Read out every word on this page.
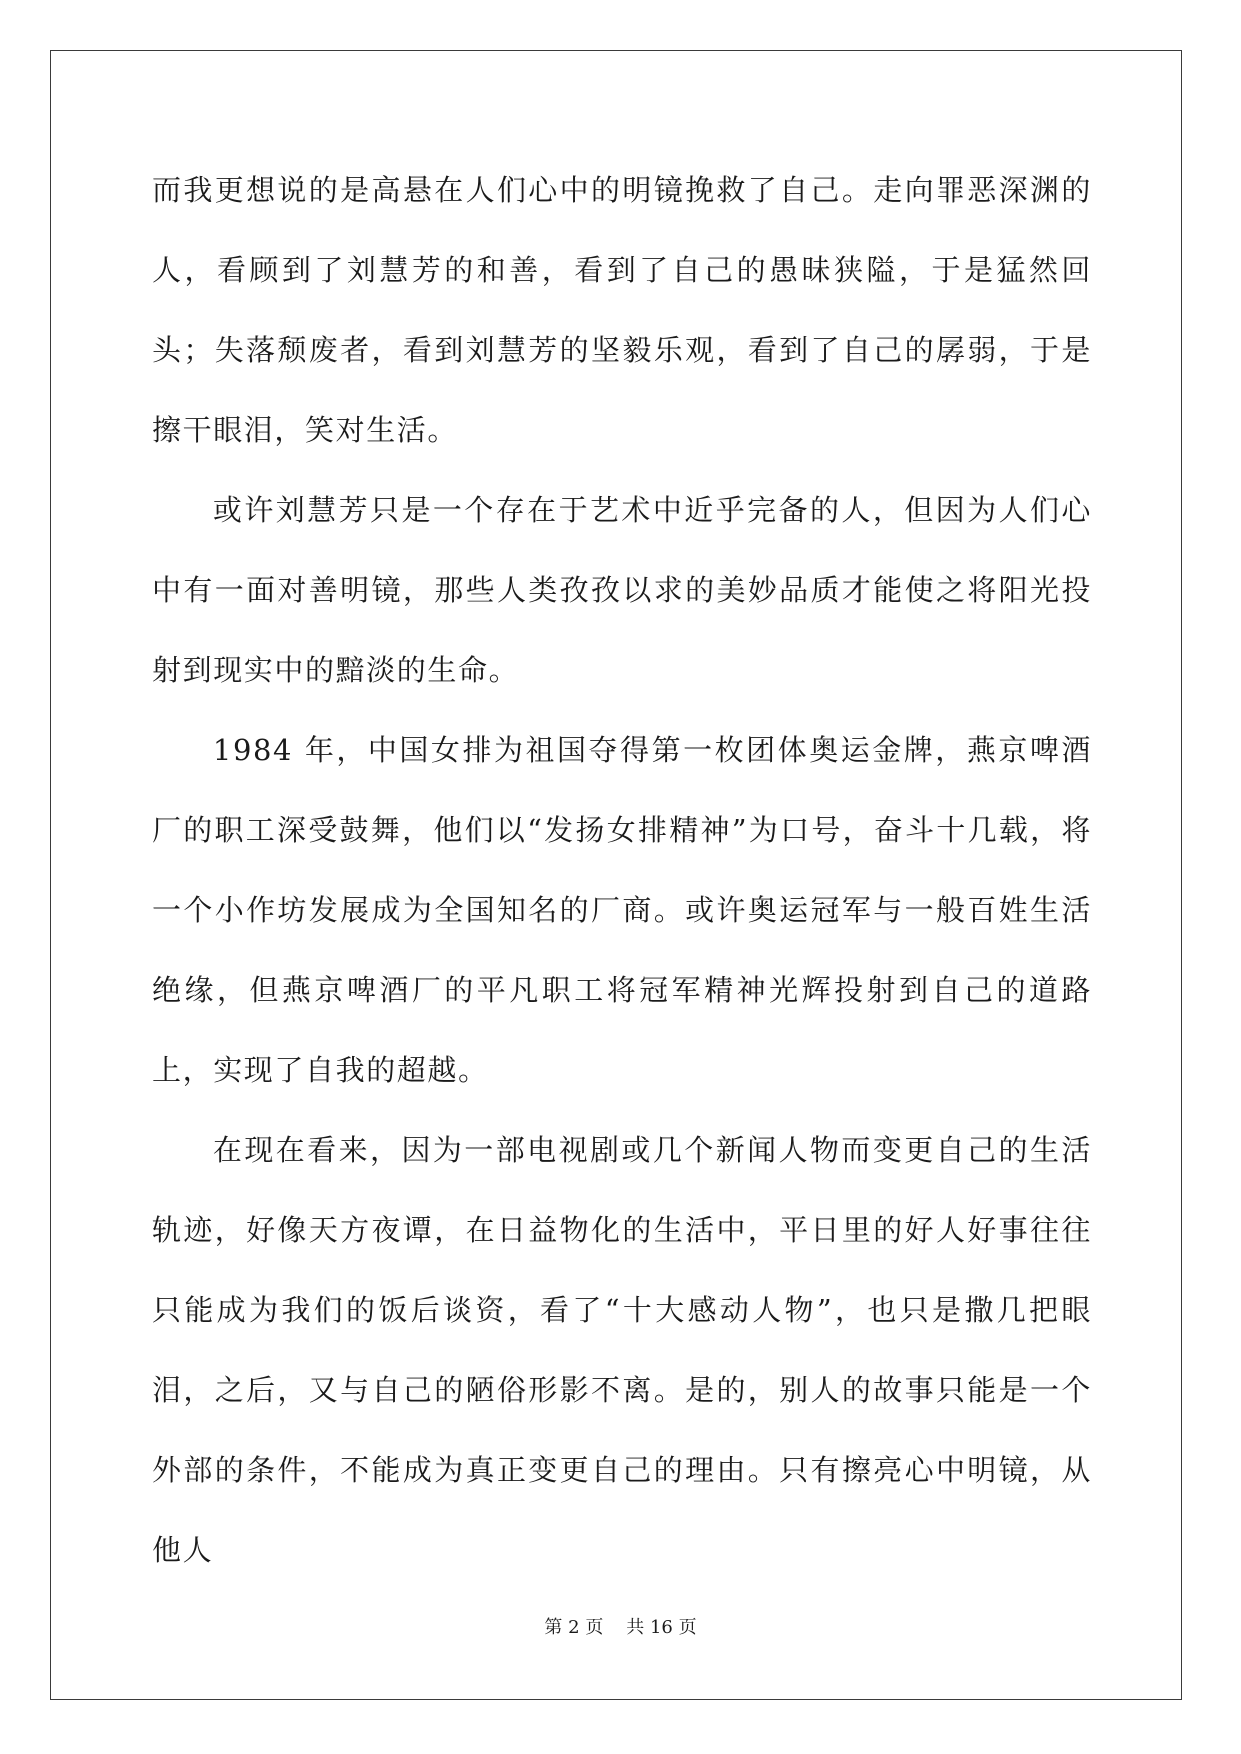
而我更想说的是高悬在人们心中的明镜挽救了自己。走向罪恶深渊的人，看顾到了刘慧芳的和善，看到了自己的愚昧狭隘，于是猛然回头；失落颓废者，看到刘慧芳的坚毅乐观，看到了自己的孱弱，于是擦干眼泪，笑对生活。

或许刘慧芳只是一个存在于艺术中近乎完备的人，但因为人们心中有一面对善明镜，那些人类孜孜以求的美妙品质才能使之将阳光投射到现实中的黯淡的生命。

1984 年，中国女排为祖国夺得第一枚团体奥运金牌，燕京啤酒厂的职工深受鼓舞，他们以“发扬女排精神”为口号，奋斗十几载，将一个小作坊发展成为全国知名的厂商。或许奥运冠军与一般百姓生活绝缘，但燕京啤酒厂的平凡职工将冠军精神光辉投射到自己的道路上，实现了自我的超越。

在现在看来，因为一部电视剧或几个新闻人物而变更自己的生活轨迹，好像天方夜谭，在日益物化的生活中，平日里的好人好事往往只能成为我们的饭后谈资，看了“十大感动人物”，也只是撒几把眼泪，之后，又与自己的陋俗形影不离。是的，别人的故事只能是一个外部的条件，不能成为真正变更自己的理由。只有擦亮心中明镜，从他人

第 2 页 共 16 页
